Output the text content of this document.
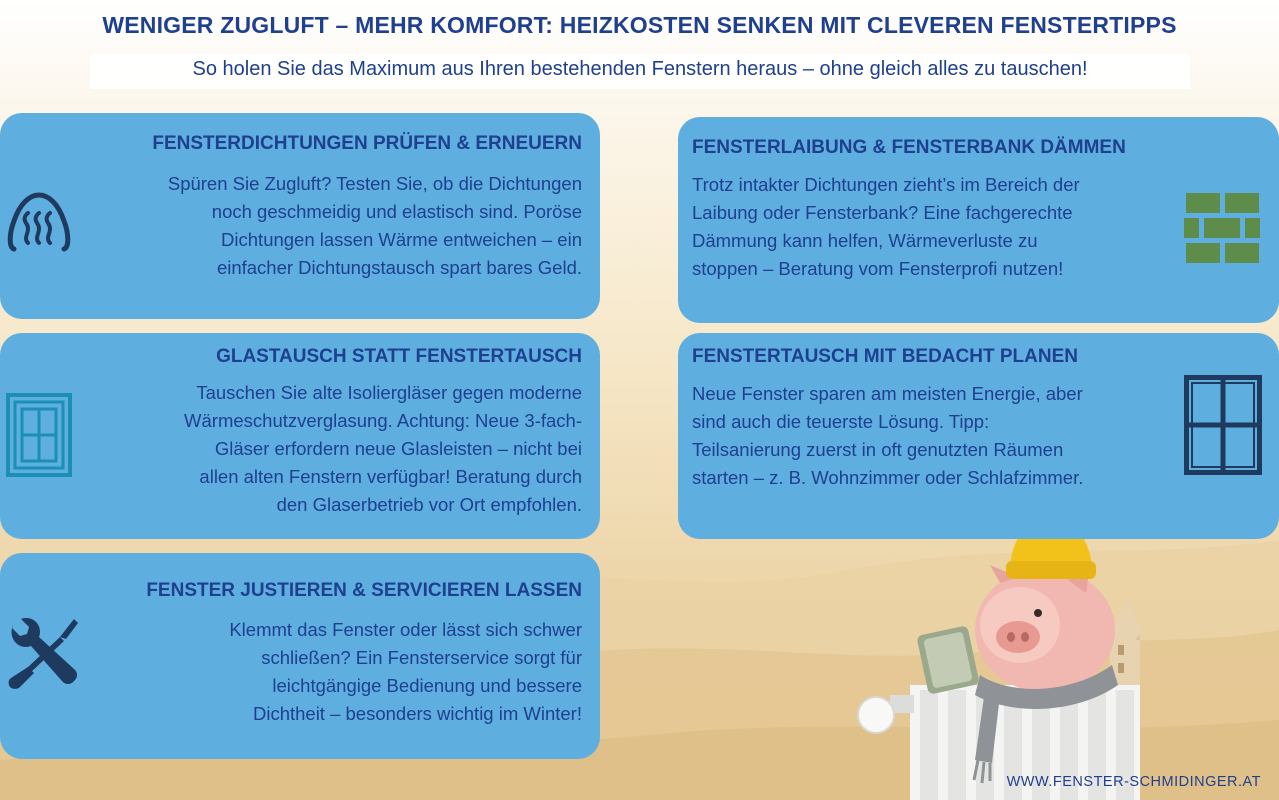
WENIGER ZUGLUFT – MEHR KOMFORT: HEIZKOSTEN SENKEN MIT CLEVEREN FENSTERTIPPS
So holen Sie das Maximum aus Ihren bestehenden Fenstern heraus – ohne gleich alles zu tauschen!
FENSTERDICHTUNGEN PRÜFEN & ERNEUERN

Spüren Sie Zugluft? Testen Sie, ob die Dichtungen
noch geschmeidig und elastisch sind. Poröse
Dichtungen lassen Wärme entweichen – ein
einfacher Dichtungstausch spart bares Geld.

GLASTAUSCH STATT FENSTERTAUSCH

Tauschen Sie alte Isoliergläser gegen moderne
Wärmeschutzverglasung. Achtung: Neue 3-fach-
Gläser erfordern neue Glasleisten – nicht bei
allen alten Fenstern verfügbar! Beratung durch
den Glaserbetrieb vor Ort empfohlen.

FENSTER JUSTIEREN & SERVICIEREN LASSEN

Klemmt das Fenster oder lässt sich schwer
schließen? Ein Fensterservice sorgt für
leichtgängige Bedienung und bessere
Dichtheit – besonders wichtig im Winter!

FENSTERLAIBUNG & FENSTERBANK DÄMMEN

Trotz intakter Dichtungen zieht’s im Bereich der
Laibung oder Fensterbank? Eine fachgerechte
Dämmung kann helfen, Wärmeverluste zu
stoppen – Beratung vom Fensterprofi nutzen!

FENSTERTAUSCH MIT BEDACHT PLANEN

Neue Fenster sparen am meisten Energie, aber
sind auch die teuerste Lösung. Tipp:
Teilsanierung zuerst in oft genutzten Räumen
starten – z. B. Wohnzimmer oder Schlafzimmer.

WWW.FENSTER-SCHMIDINGER.AT
